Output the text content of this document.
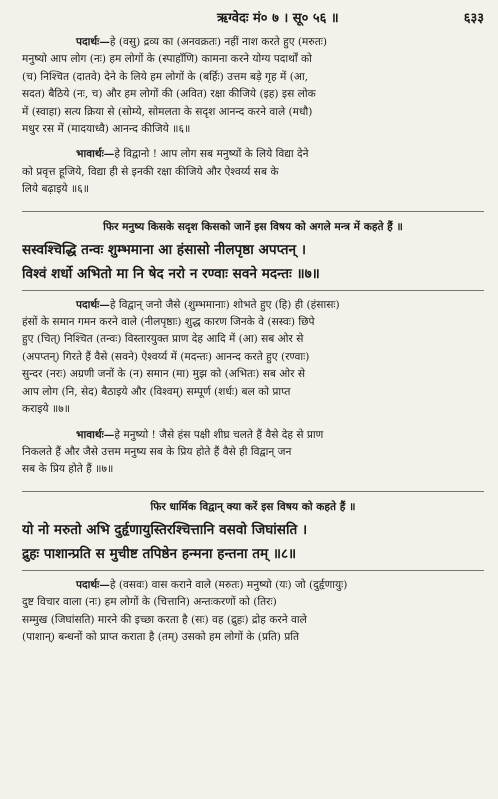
ऋग्वेदः मं० ७ । सू० ५६ ॥	६३३
पदार्थः—हे (वसु) द्रव्य का (अनवक्रतः) नहीं नाश करते हुए (मरुतः)
मनुष्यो आप लोग (नः) हम लोगों के (स्पाहाँणि) कामना करने योग्य पदार्थों को
(च) निश्चित (दातवे) देने के लिये हम लोगों के (बर्हिः) उत्तम बड़े गृह में (आ,
सदत) बैठिये (नः, च) और हम लोगों की (अवित) रक्षा कीजिये (इह) इस लोक
में (स्वाहा) सत्य क्रिया से (सोम्ये, सोमलता के सदृश आनन्द करने वाले (मधौ)
मधुर रस में (मादयाध्वै) आनन्द कीजिये ॥६॥
भावार्थः—हे विद्वानो ! आप लोग सब मनुष्यों के लिये विद्या देने
को प्रवृत्त हूजिये, विद्या ही से इनकी रक्षा कीजिये और ऐश्वर्य्य सब के
लिये बढ़ाइये ॥६॥
फिर मनुष्य किसके सदृश किसको जानें इस विषय को अगले मन्त्र में कहते हैं ॥
सस्वश्चिद्धि तन्वः शुम्भमाना आ हंसासो नीलपृष्ठा अपप्तन् ।
विश्वं शर्धो अभितो मा नि षेद नरो न रण्वाः सवने मदन्तः ॥७॥
पदार्थः—हे विद्वान् जनो जैसे (शुम्भमानाः) शोभते हुए (हि) ही (हंसासः)
हंसों के समान गमन करने वाले (नीलपृष्ठाः) शुद्ध कारण जिनके वे (सस्वः) छिपे
हुए (चित्) निश्चित (तन्वः) विस्तारयुक्त प्राण देह आदि में (आ) सब ओर से
(अपप्तन्) गिरते हैं वैसे (सवने) ऐश्वर्य्य में (मदन्तः) आनन्द करते हुए (रण्वाः)
सुन्दर (नरः) अग्रणी जनों के (न) समान (मा) मुझ को (अभितः) सब ओर से
आप लोग (नि, सेद) बैठाइये और (विश्वम्) सम्पूर्ण (शर्धः) बल को प्राप्त
कराइये ॥७॥
भावार्थः—हे मनुष्यो ! जैसे हंस पक्षी शीघ्र चलते हैं वैसे देह से प्राण
निकलते हैं और जैसे उत्तम मनुष्य सब के प्रिय होते हैं वैसे ही विद्वान् जन
सब के प्रिय होते हैं ॥७॥
फिर धार्मिक विद्वान् क्या करें इस विषय को कहते हैं ॥
यो नो मरुतो अभि दुर्हृणायुस्तिरश्चित्तानि वसवो जिघांसति ।
द्रुहः पाशान्प्रति स मुचीष्ट तपिष्ठेन हन्मना हन्तना तम् ॥८॥
पदार्थः—हे (वसवः) वास कराने वाले (मरुतः) मनुष्यो (यः) जो (दुर्हृणायुः)
दुष्ट विचार वाला (नः) हम लोगों के (चित्तानि) अन्तःकरणों को (तिरः)
सम्मुख (जिघांसति) मारने की इच्छा करता है (सः) वह (द्रुहः) द्रोह करने वाले
(पाशान्) बन्धनों को प्राप्त कराता है (तम्) उसको हम लोगों के (प्रति) प्रति
